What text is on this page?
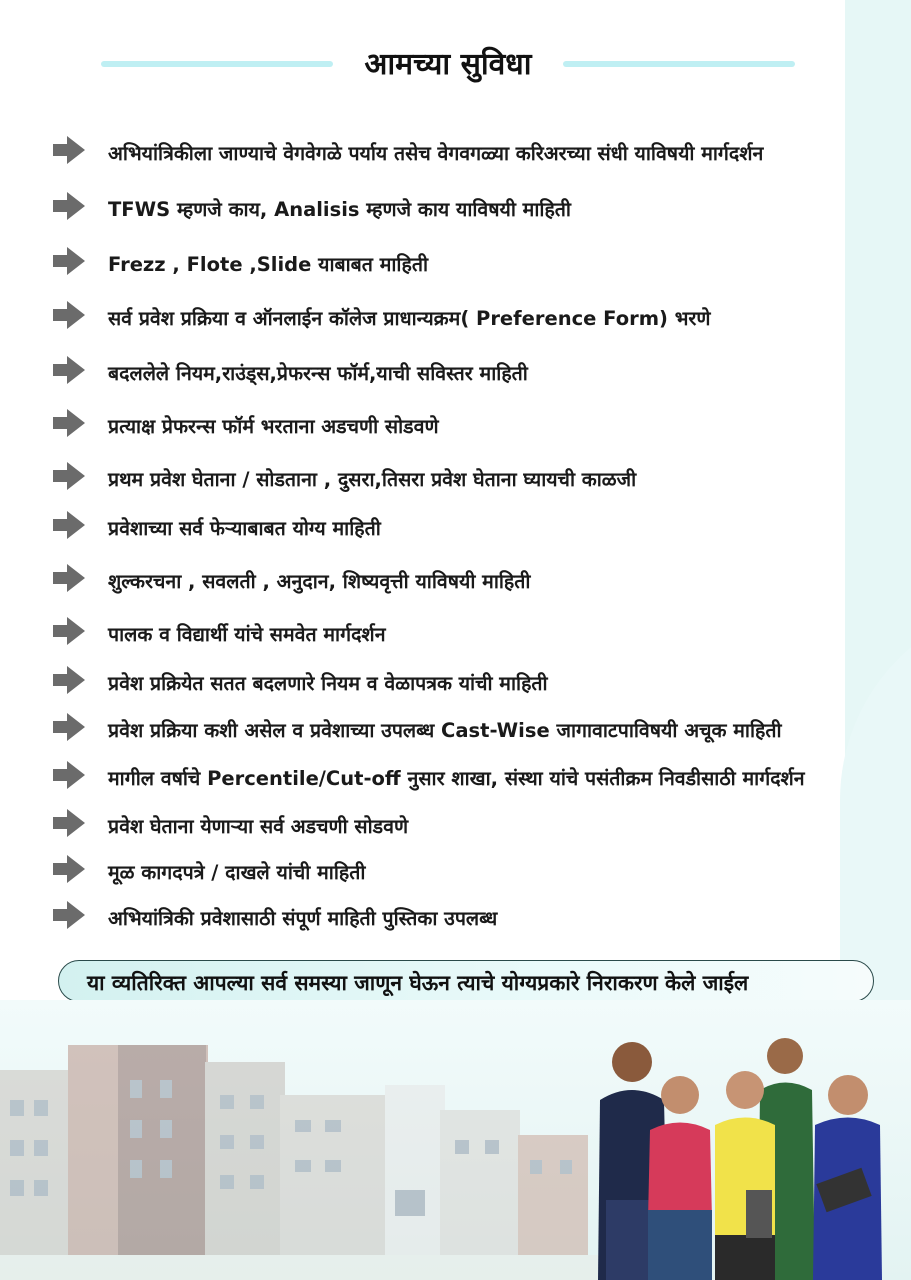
आमच्या सुविधा
अभियांत्रिकीला जाण्याचे वेगवेगळे पर्याय तसेच वेगवगळ्या करिअरच्या संधी याविषयी मार्गदर्शन
TFWS म्हणजे काय, Analisis म्हणजे काय याविषयी माहिती
Frezz , Flote ,Slide याबाबत माहिती
सर्व प्रवेश प्रक्रिया व ऑनलाईन कॉलेज प्राधान्यक्रम( Preference Form) भरणे
बदललेले नियम,राउंड्स,प्रेफरन्स फॉर्म,याची सविस्तर माहिती
प्रत्याक्ष प्रेफरन्स फॉर्म भरताना अडचणी सोडवणे
प्रथम प्रवेश घेताना / सोडताना , दुसरा,तिसरा प्रवेश घेताना घ्यायची काळजी
प्रवेशाच्या सर्व फेऱ्याबाबत योग्य माहिती
शुल्करचना , सवलती , अनुदान, शिष्यवृत्ती याविषयी माहिती
पालक व विद्यार्थी यांचे समवेत मार्गदर्शन
प्रवेश प्रक्रियेत सतत बदलणारे नियम व वेळापत्रक यांची माहिती
प्रवेश प्रक्रिया कशी असेल व प्रवेशाच्या उपलब्ध Cast-Wise जागावाटपाविषयी अचूक माहिती
मागील वर्षाचे Percentile/Cut-off नुसार शाखा, संस्था यांचे पसंतीक्रम निवडीसाठी मार्गदर्शन
प्रवेश घेताना येणाऱ्या सर्व अडचणी सोडवणे
मूळ कागदपत्रे / दाखले यांची माहिती
अभियांत्रिकी प्रवेशासाठी संपूर्ण माहिती पुस्तिका उपलब्ध
या व्यतिरिक्त आपल्या सर्व समस्या जाणून घेऊन त्याचे योग्यप्रकारे निराकरण केले जाईल
